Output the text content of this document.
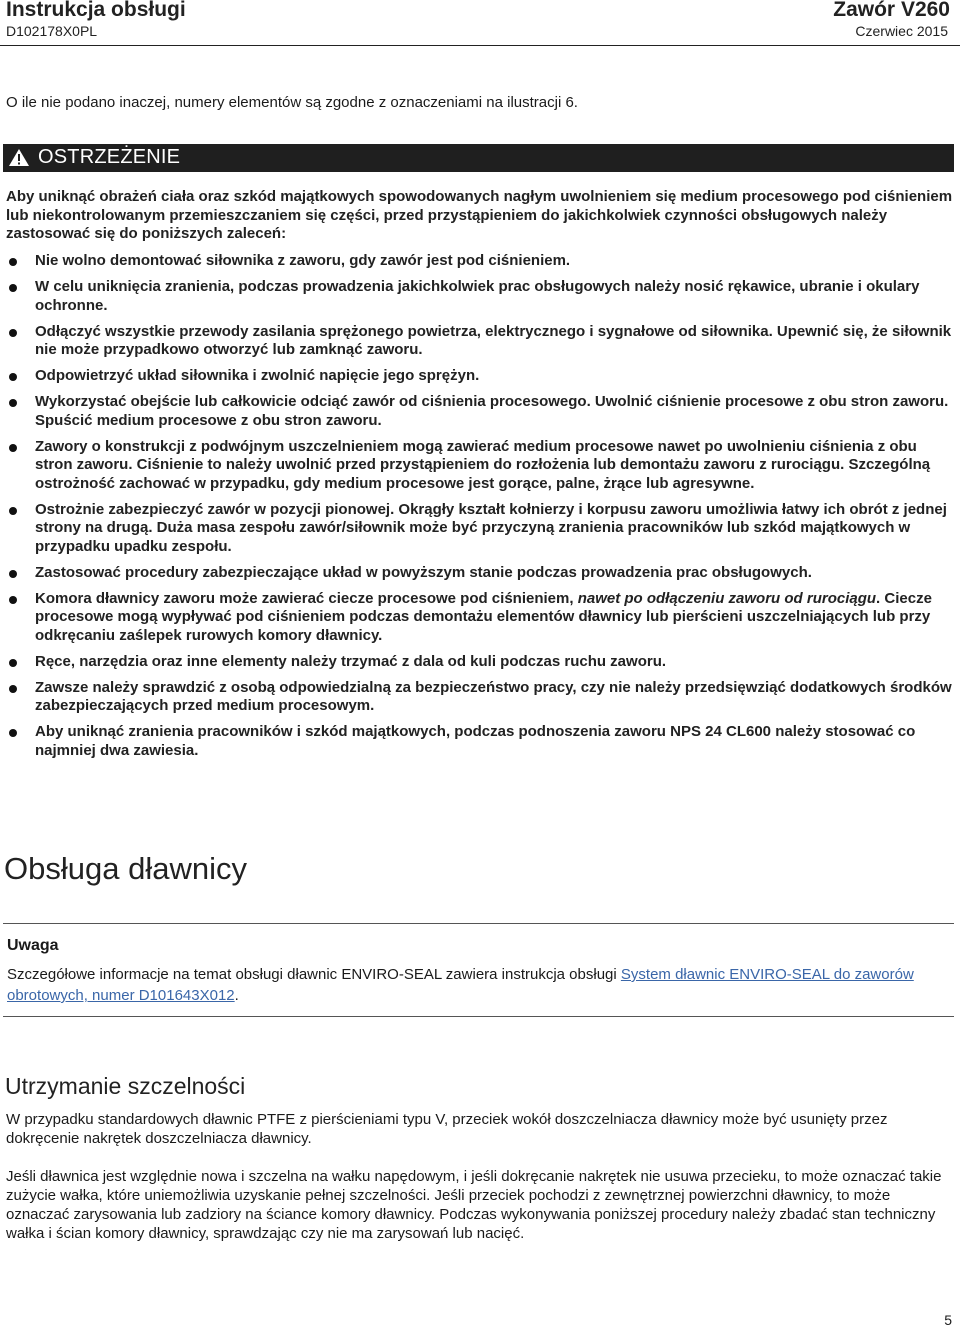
Instrukcja obsługi
D102178X0PL
Zawór V260
Czerwiec 2015
O ile nie podano inaczej, numery elementów są zgodne z oznaczeniami na ilustracji 6.
OSTRZEŻENIE
Aby uniknąć obrażeń ciała oraz szkód majątkowych spowodowanych nagłym uwolnieniem się medium procesowego pod ciśnieniem lub niekontrolowanym przemieszczaniem się części, przed przystąpieniem do jakichkolwiek czynności obsługowych należy zastosować się do poniższych zaleceń:
Nie wolno demontować siłownika z zaworu, gdy zawór jest pod ciśnieniem.
W celu uniknięcia zranienia, podczas prowadzenia jakichkolwiek prac obsługowych należy nosić rękawice, ubranie i okulary ochronne.
Odłączyć wszystkie przewody zasilania sprężonego powietrza, elektrycznego i sygnałowe od siłownika. Upewnić się, że siłownik nie może przypadkowo otworzyć lub zamknąć zaworu.
Odpowietrzyć układ siłownika i zwolnić napięcie jego sprężyn.
Wykorzystać obejście lub całkowicie odciąć zawór od ciśnienia procesowego. Uwolnić ciśnienie procesowe z obu stron zaworu. Spuścić medium procesowe z obu stron zaworu.
Zawory o konstrukcji z podwójnym uszczelnieniem mogą zawierać medium procesowe nawet po uwolnieniu ciśnienia z obu stron zaworu. Ciśnienie to należy uwolnić przed przystąpieniem do rozłożenia lub demontażu zaworu z rurociągu. Szczególną ostrożność zachować w przypadku, gdy medium procesowe jest gorące, palne, żrące lub agresywne.
Ostrożnie zabezpieczyć zawór w pozycji pionowej. Okrągły kształt kołnierzy i korpusu zaworu umożliwia łatwy ich obrót z jednej strony na drugą. Duża masa zespołu zawór/siłownik może być przyczyną zranienia pracowników lub szkód majątkowych w przypadku upadku zespołu.
Zastosować procedury zabezpieczające układ w powyższym stanie podczas prowadzenia prac obsługowych.
Komora dławnicy zaworu może zawierać ciecze procesowe pod ciśnieniem, nawet po odłączeniu zaworu od rurociągu. Ciecze procesowe mogą wypływać pod ciśnieniem podczas demontażu elementów dławnicy lub pierścieni uszczelniających lub przy odkręcaniu zaślepek rurowych komory dławnicy.
Ręce, narzędzia oraz inne elementy należy trzymać z dala od kuli podczas ruchu zaworu.
Zawsze należy sprawdzić z osobą odpowiedzialną za bezpieczeństwo pracy, czy nie należy przedsięwziąć dodatkowych środków zabezpieczających przed medium procesowym.
Aby uniknąć zranienia pracowników i szkód majątkowych, podczas podnoszenia zaworu NPS 24 CL600 należy stosować co najmniej dwa zawiesia.
Obsługa dławnicy
Uwaga
Szczegółowe informacje na temat obsługi dławnic ENVIRO-SEAL zawiera instrukcja obsługi System dławnic ENVIRO-SEAL do zaworów obrotowych, numer D101643X012.
Utrzymanie szczelności
W przypadku standardowych dławnic PTFE z pierścieniami typu V, przeciek wokół doszczelniacza dławnicy może być usunięty przez dokręcenie nakrętek doszczelniacza dławnicy.
Jeśli dławnica jest względnie nowa i szczelna na wałku napędowym, i jeśli dokręcanie nakrętek nie usuwa przecieku, to może oznaczać takie zużycie wałka, które uniemożliwia uzyskanie pełnej szczelności. Jeśli przeciek pochodzi z zewnętrznej powierzchni dławnicy, to może oznaczać zarysowania lub zadziory na ściance komory dławnicy. Podczas wykonywania poniższej procedury należy zbadać stan techniczny wałka i ścian komory dławnicy, sprawdzając czy nie ma zarysowań lub nacięć.
5
